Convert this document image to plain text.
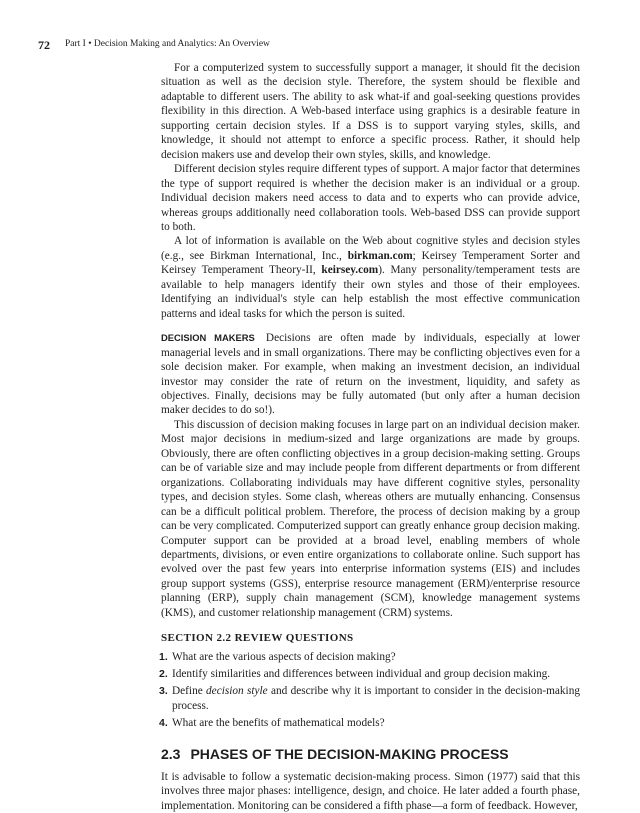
72 Part I • Decision Making and Analytics: An Overview

For a computerized system to successfully support a manager, it should fit the decision situation as well as the decision style. Therefore, the system should be flexible and adaptable to different users. The ability to ask what-if and goal-seeking questions provides flexibility in this direction. A Web-based interface using graphics is a desirable feature in supporting certain decision styles. If a DSS is to support varying styles, skills, and knowledge, it should not attempt to enforce a specific process. Rather, it should help decision makers use and develop their own styles, skills, and knowledge.

Different decision styles require different types of support. A major factor that determines the type of support required is whether the decision maker is an individual or a group. Individual decision makers need access to data and to experts who can provide advice, whereas groups additionally need collaboration tools. Web-based DSS can provide support to both.

A lot of information is available on the Web about cognitive styles and decision styles (e.g., see Birkman International, Inc., birkman.com; Keirsey Temperament Sorter and Keirsey Temperament Theory-II, keirsey.com). Many personality/temperament tests are available to help managers identify their own styles and those of their employees. Identifying an individual's style can help establish the most effective communication patterns and ideal tasks for which the person is suited.

DECISION MAKERS Decisions are often made by individuals, especially at lower managerial levels and in small organizations. There may be conflicting objectives even for a sole decision maker. For example, when making an investment decision, an individual investor may consider the rate of return on the investment, liquidity, and safety as objectives. Finally, decisions may be fully automated (but only after a human decision maker decides to do so!).

This discussion of decision making focuses in large part on an individual decision maker. Most major decisions in medium-sized and large organizations are made by groups. Obviously, there are often conflicting objectives in a group decision-making setting. Groups can be of variable size and may include people from different departments or from different organizations. Collaborating individuals may have different cognitive styles, personality types, and decision styles. Some clash, whereas others are mutually enhancing. Consensus can be a difficult political problem. Therefore, the process of decision making by a group can be very complicated. Computerized support can greatly enhance group decision making. Computer support can be provided at a broad level, enabling members of whole departments, divisions, or even entire organizations to collaborate online. Such support has evolved over the past few years into enterprise information systems (EIS) and includes group support systems (GSS), enterprise resource management (ERM)/enterprise resource planning (ERP), supply chain management (SCM), knowledge management systems (KMS), and customer relationship management (CRM) systems.

SECTION 2.2 REVIEW QUESTIONS
1. What are the various aspects of decision making?
2. Identify similarities and differences between individual and group decision making.
3. Define decision style and describe why it is important to consider in the decision-making process.
4. What are the benefits of mathematical models?
2.3 PHASES OF THE DECISION-MAKING PROCESS

It is advisable to follow a systematic decision-making process. Simon (1977) said that this involves three major phases: intelligence, design, and choice. He later added a fourth phase, implementation. Monitoring can be considered a fifth phase—a form of feedback. However,
